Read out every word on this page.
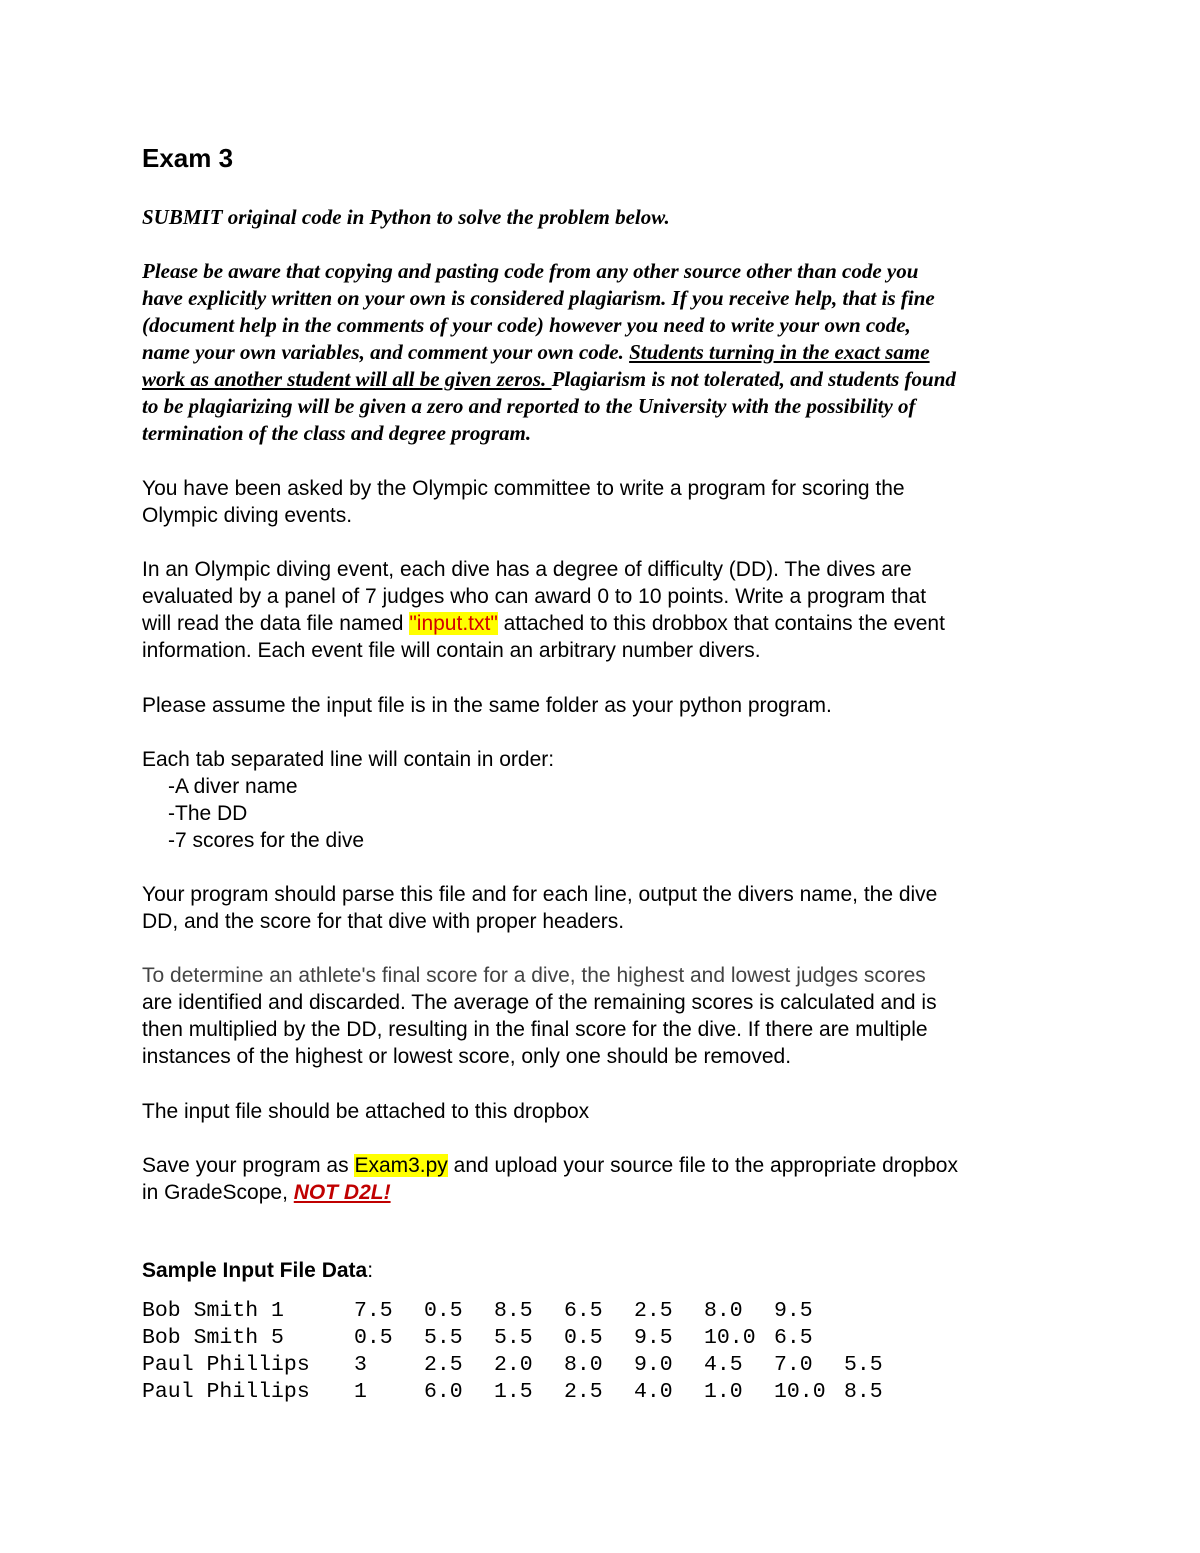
Exam 3

SUBMIT original code in Python to solve the problem below.

Please be aware that copying and pasting code from any other source other than code you
have explicitly written on your own is considered plagiarism. If you receive help, that is fine
(document help in the comments of your code) however you need to write your own code,
name your own variables, and comment your own code. Students turning in the exact same
work as another student will all be given zeros. Plagiarism is not tolerated, and students found
to be plagiarizing will be given a zero and reported to the University with the possibility of
termination of the class and degree program.
You have been asked by the Olympic committee to write a program for scoring the
Olympic diving events.
In an Olympic diving event, each dive has a degree of difficulty (DD). The dives are
evaluated by a panel of 7 judges who can award 0 to 10 points. Write a program that
will read the data file named "input.txt" attached to this drobbox that contains the event
information. Each event file will contain an arbitrary number divers.

Please assume the input file is in the same folder as your python program.

Each tab separated line will contain in order:
-A diver name
-The DD
-7 scores for the dive
Your program should parse this file and for each line, output the divers name, the dive
DD, and the score for that dive with proper headers.
To determine an athlete's final score for a dive, the highest and lowest judges scores
are identified and discarded. The average of the remaining scores is calculated and is
then multiplied by the DD, resulting in the final score for the dive. If there are multiple
instances of the highest or lowest score, only one should be removed.

The input file should be attached to this dropbox

Save your program as Exam3.py and upload your source file to the appropriate dropbox
in GradeScope, NOT D2L!
Sample Input File Data:
Bob Smith 1	7.5	0.5	8.5	6.5	2.5	8.0	9.5	
Bob Smith 5	0.5	5.5	5.5	0.5	9.5	10.0	6.5	
Paul Phillips	3	2.5	2.0	8.0	9.0	4.5	7.0	5.5
Paul Phillips	1	6.0	1.5	2.5	4.0	1.0	10.0	8.5
